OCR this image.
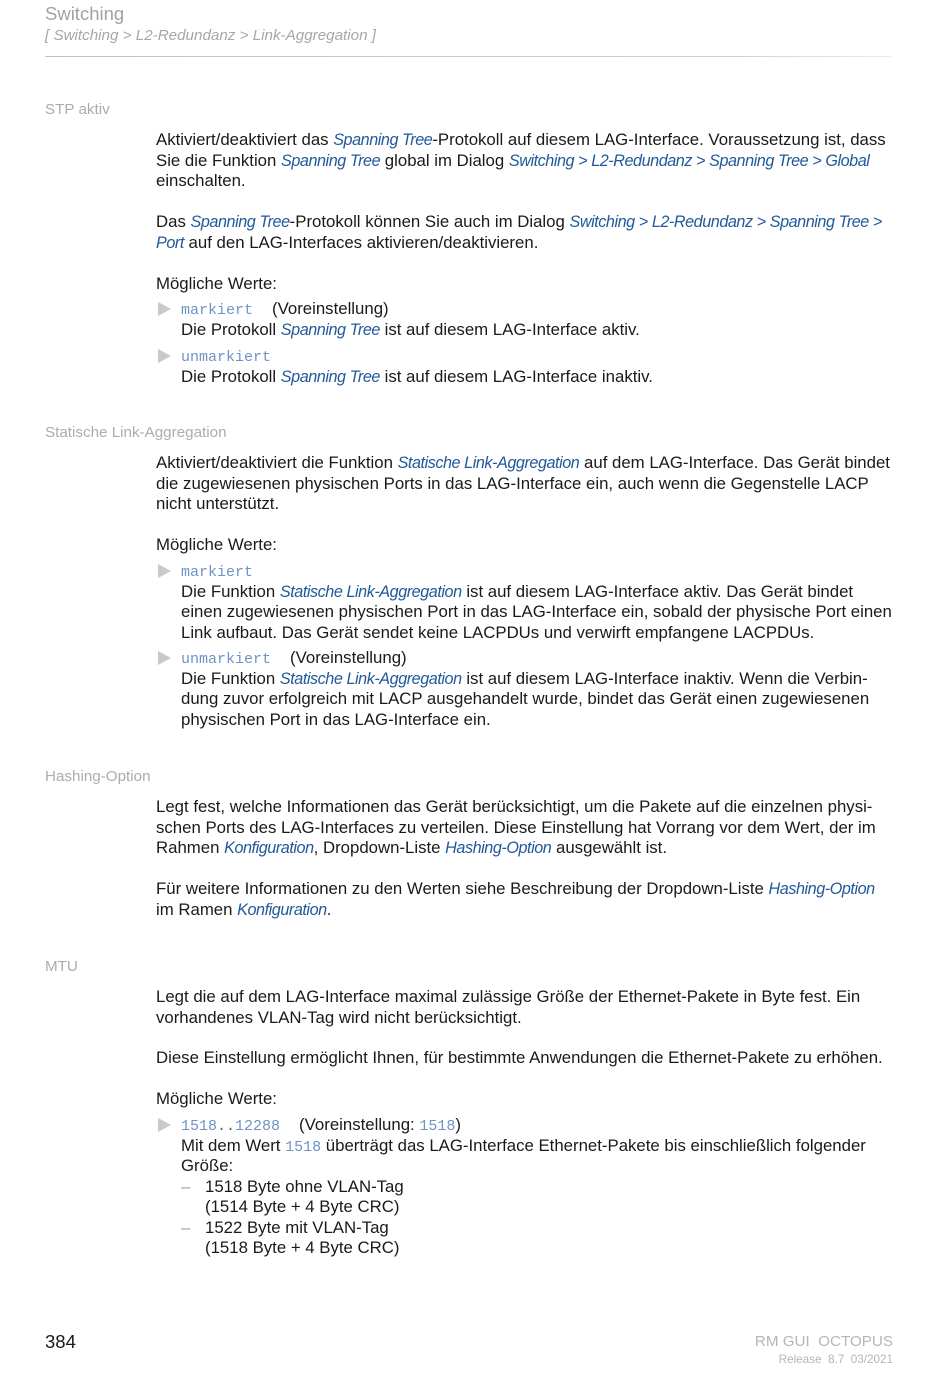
Switching
[ Switching > L2-Redundanz > Link-Aggregation ]
STP aktiv
Aktiviert/deaktiviert das Spanning Tree-Protokoll auf diesem LAG-Interface. Voraussetzung ist, dass
Sie die Funktion Spanning Tree global im Dialog Switching > L2-Redundanz > Spanning Tree > Global
einschalten.
Das Spanning Tree-Protokoll können Sie auch im Dialog Switching > L2-Redundanz > Spanning Tree >
Port auf den LAG-Interfaces aktivieren/deaktivieren.
Mögliche Werte:
markiert (Voreinstellung)
Die Protokoll Spanning Tree ist auf diesem LAG-Interface aktiv.
unmarkiert
Die Protokoll Spanning Tree ist auf diesem LAG-Interface inaktiv.
Statische Link-Aggregation
Aktiviert/deaktiviert die Funktion Statische Link-Aggregation auf dem LAG-Interface. Das Gerät bindet
die zugewiesenen physischen Ports in das LAG-Interface ein, auch wenn die Gegenstelle LACP
nicht unterstützt.
Mögliche Werte:
markiert
Die Funktion Statische Link-Aggregation ist auf diesem LAG-Interface aktiv. Das Gerät bindet
einen zugewiesenen physischen Port in das LAG-Interface ein, sobald der physische Port einen
Link aufbaut. Das Gerät sendet keine LACPDUs und verwirft empfangene LACPDUs.
unmarkiert (Voreinstellung)
Die Funktion Statische Link-Aggregation ist auf diesem LAG-Interface inaktiv. Wenn die Verbin-
dung zuvor erfolgreich mit LACP ausgehandelt wurde, bindet das Gerät einen zugewiesenen
physischen Port in das LAG-Interface ein.
Hashing-Option
Legt fest, welche Informationen das Gerät berücksichtigt, um die Pakete auf die einzelnen physi-
schen Ports des LAG-Interfaces zu verteilen. Diese Einstellung hat Vorrang vor dem Wert, der im
Rahmen Konfiguration, Dropdown-Liste Hashing-Option ausgewählt ist.
Für weitere Informationen zu den Werten siehe Beschreibung der Dropdown-Liste Hashing-Option
im Ramen Konfiguration.
MTU
Legt die auf dem LAG-Interface maximal zulässige Größe der Ethernet-Pakete in Byte fest. Ein
vorhandenes VLAN-Tag wird nicht berücksichtigt.
Diese Einstellung ermöglicht Ihnen, für bestimmte Anwendungen die Ethernet-Pakete zu erhöhen.
Mögliche Werte:
1518..12288 (Voreinstellung: 1518)
Mit dem Wert 1518 überträgt das LAG-Interface Ethernet-Pakete bis einschließlich folgender
Größe:
– 1518 Byte ohne VLAN-Tag
(1514 Byte + 4 Byte CRC)
– 1522 Byte mit VLAN-Tag
(1518 Byte + 4 Byte CRC)
384	RM GUI  OCTOPUS
Release  8.7  03/2021
